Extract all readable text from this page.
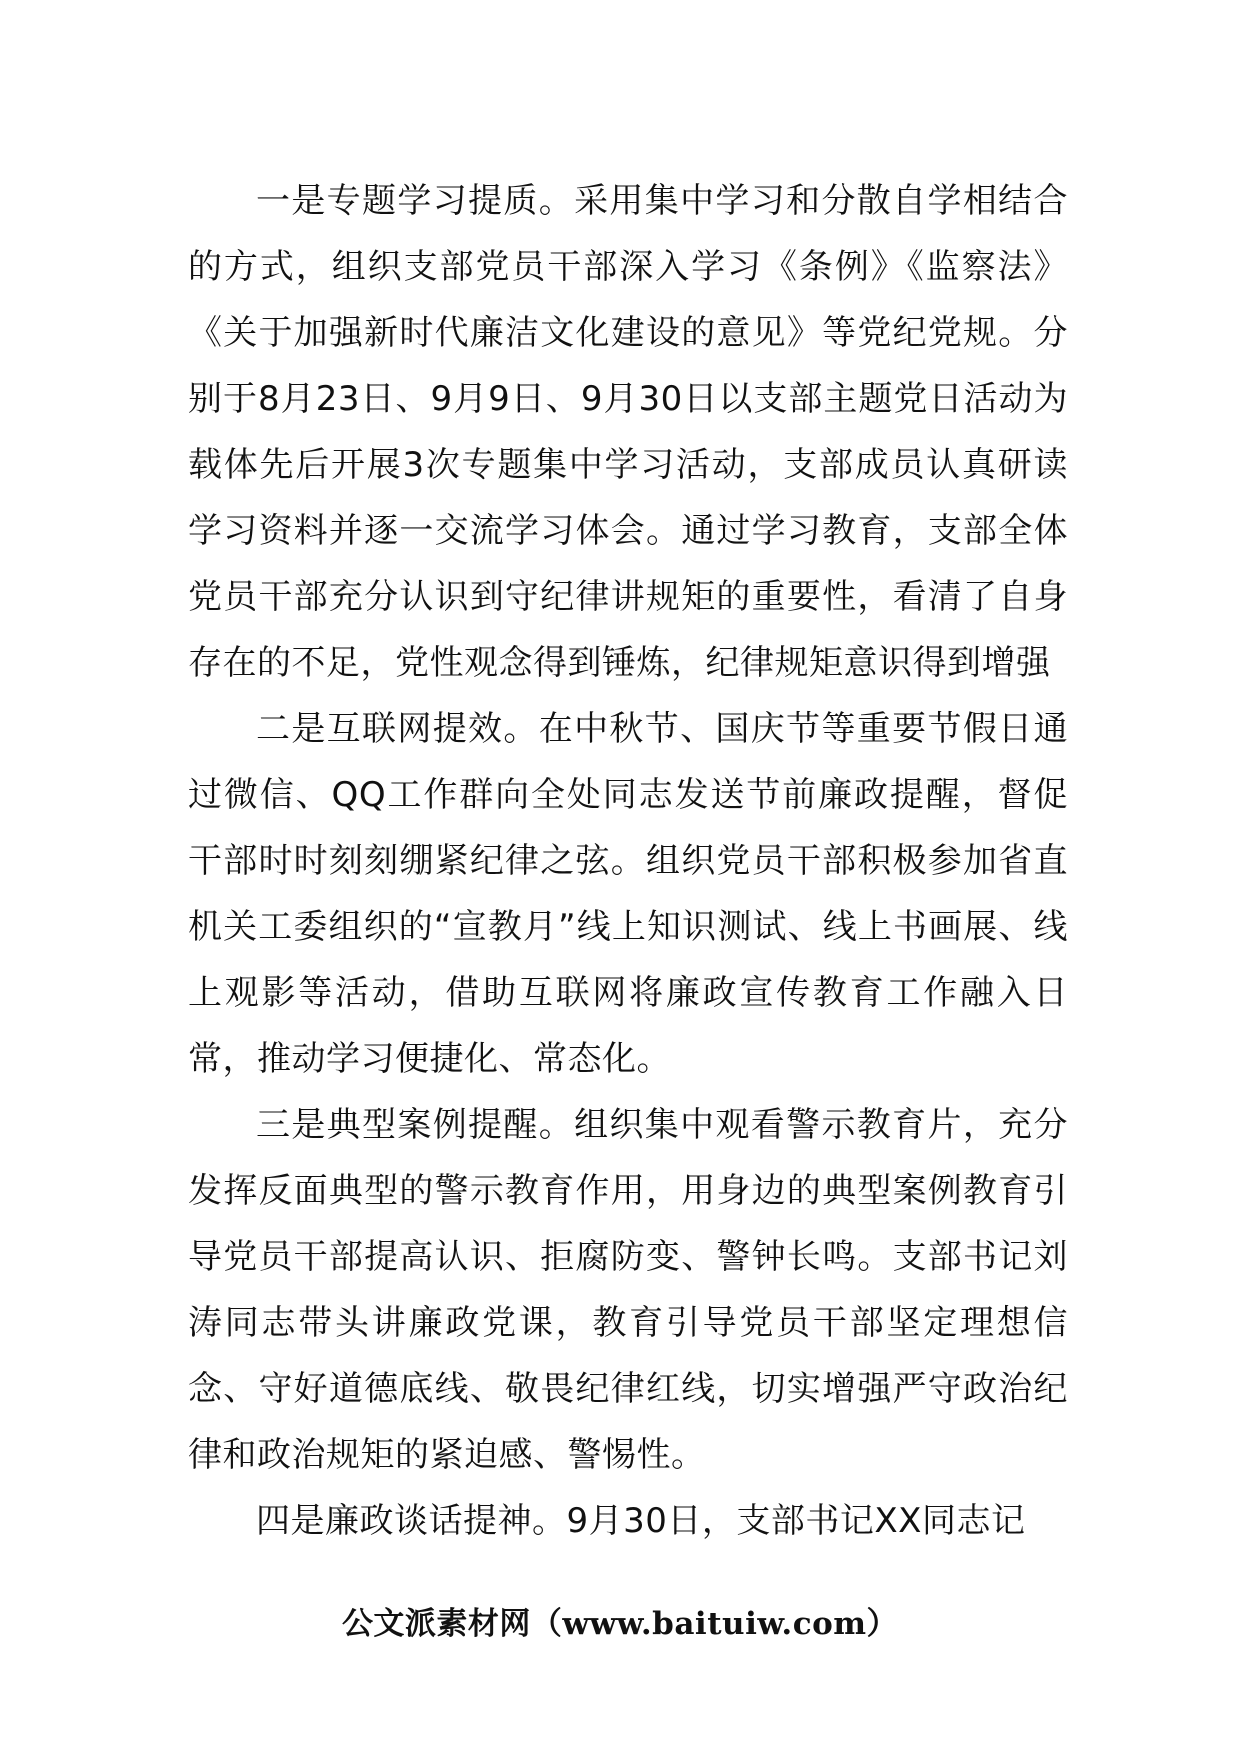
一是专题学习提质。采用集中学习和分散自学相结合的方式，组织支部党员干部深入学习《条例》《监察法》《关于加强新时代廉洁文化建设的意见》等党纪党规。分别于8月23日、9月9日、9月30日以支部主题党日活动为载体先后开展3次专题集中学习活动，支部成员认真研读学习资料并逐一交流学习体会。通过学习教育，支部全体党员干部充分认识到守纪律讲规矩的重要性，看清了自身存在的不足，党性观念得到锤炼，纪律规矩意识得到增强

二是互联网提效。在中秋节、国庆节等重要节假日通过微信、QQ工作群向全处同志发送节前廉政提醒，督促干部时时刻刻绷紧纪律之弦。组织党员干部积极参加省直机关工委组织的“宣教月”线上知识测试、线上书画展、线上观影等活动，借助互联网将廉政宣传教育工作融入日常，推动学习便捷化、常态化。

三是典型案例提醒。组织集中观看警示教育片，充分发挥反面典型的警示教育作用，用身边的典型案例教育引导党员干部提高认识、拒腐防变、警钟长鸣。支部书记刘涛同志带头讲廉政党课，教育引导党员干部坚定理想信念、守好道德底线、敬畏纪律红线，切实增强严守政治纪律和政治规矩的紧迫感、警惕性。

四是廉政谈话提神。9月30日，支部书记XX同志记

公文派素材网（www.baituiw.com）
